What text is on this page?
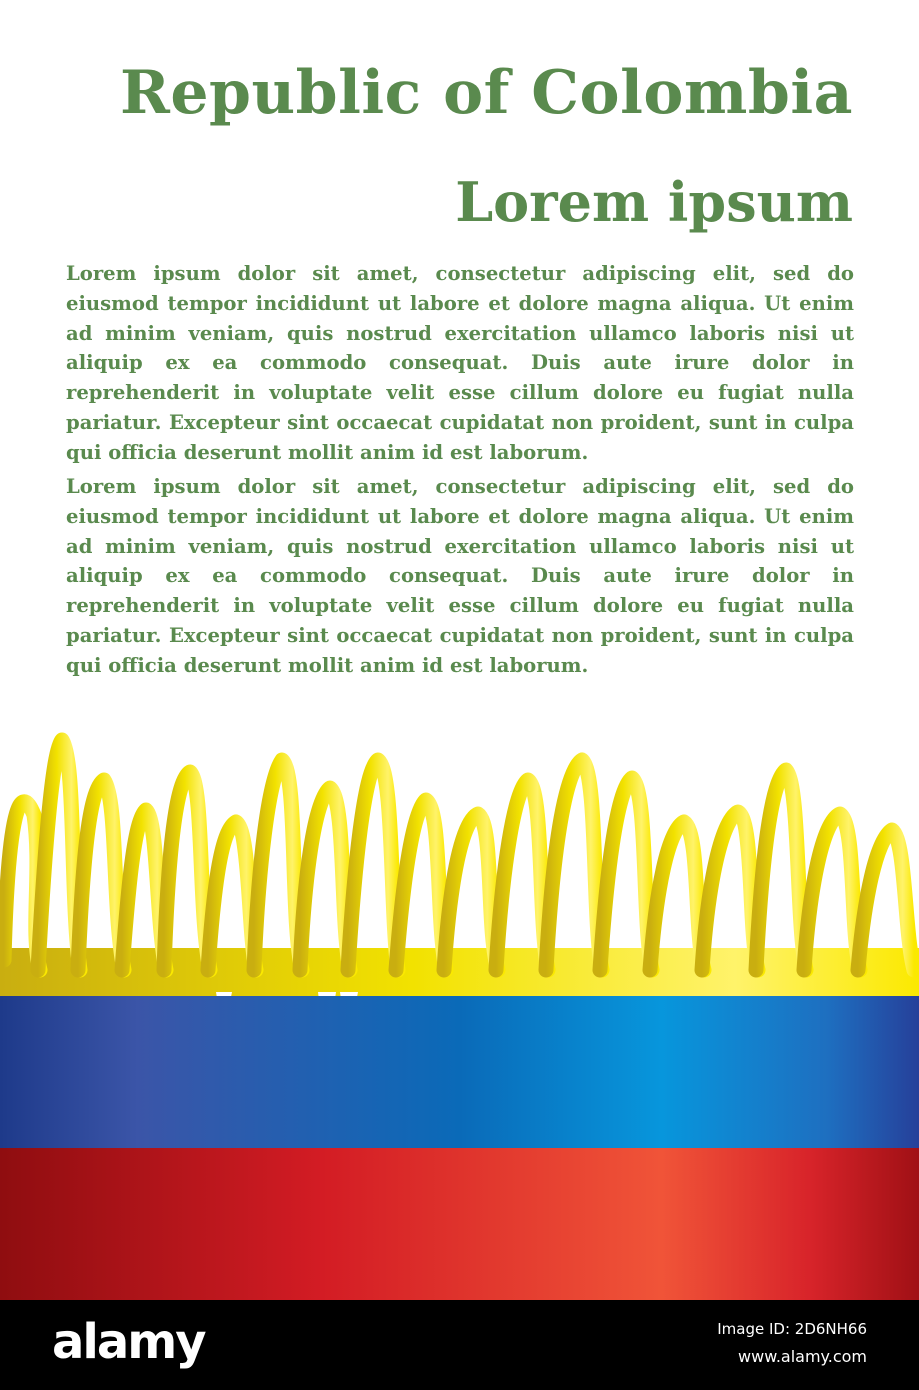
Republic of Colombia
Lorem ipsum

Lorem ipsum dolor sit amet, consectetur adipiscing elit, sed do eiusmod tempor incididunt ut labore et dolore magna aliqua. Ut enim ad minim veniam, quis nostrud exercitation ullamco laboris nisi ut aliquip ex ea commodo consequat. Duis aute irure dolor in reprehenderit in voluptate velit esse cillum dolore eu fugiat nulla pariatur. Excepteur sint occaecat cupidatat non proident, sunt in culpa qui officia deserunt mollit anim id est laborum.

Lorem ipsum dolor sit amet, consectetur adipiscing elit, sed do eiusmod tempor incididunt ut labore et dolore magna aliqua. Ut enim ad minim veniam, quis nostrud exercitation ullamco laboris nisi ut aliquip ex ea commodo consequat. Duis aute irure dolor in reprehenderit in voluptate velit esse cillum dolore eu fugiat nulla pariatur. Excepteur sint occaecat cupidatat non proident, sunt in culpa qui officia deserunt mollit anim id est laborum.

alamy	Image ID: 2D6NH66
www.alamy.com
